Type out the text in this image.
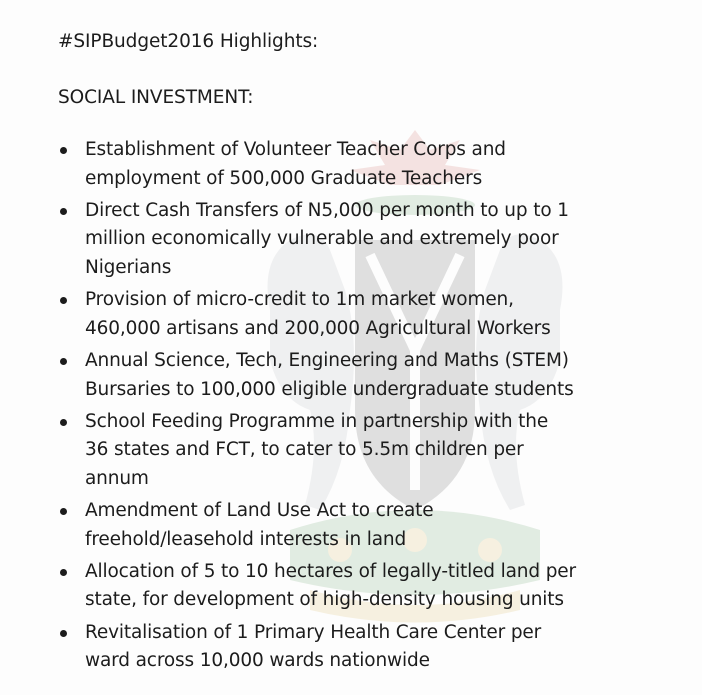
#SIPBudget2016 Highlights:

SOCIAL INVESTMENT:

Establishment of Volunteer Teacher Corps and
employment of 500,000 Graduate Teachers
Direct Cash Transfers of N5,000 per month to up to 1
million economically vulnerable and extremely poor
Nigerians
Provision of micro-credit to 1m market women,
460,000 artisans and 200,000 Agricultural Workers
Annual Science, Tech, Engineering and Maths (STEM)
Bursaries to 100,000 eligible undergraduate students
School Feeding Programme in partnership with the
36 states and FCT, to cater to 5.5m children per
annum
Amendment of Land Use Act to create
freehold/leasehold interests in land
Allocation of 5 to 10 hectares of legally-titled land per
state, for development of high-density housing units
Revitalisation of 1 Primary Health Care Center per
ward across 10,000 wards nationwide
